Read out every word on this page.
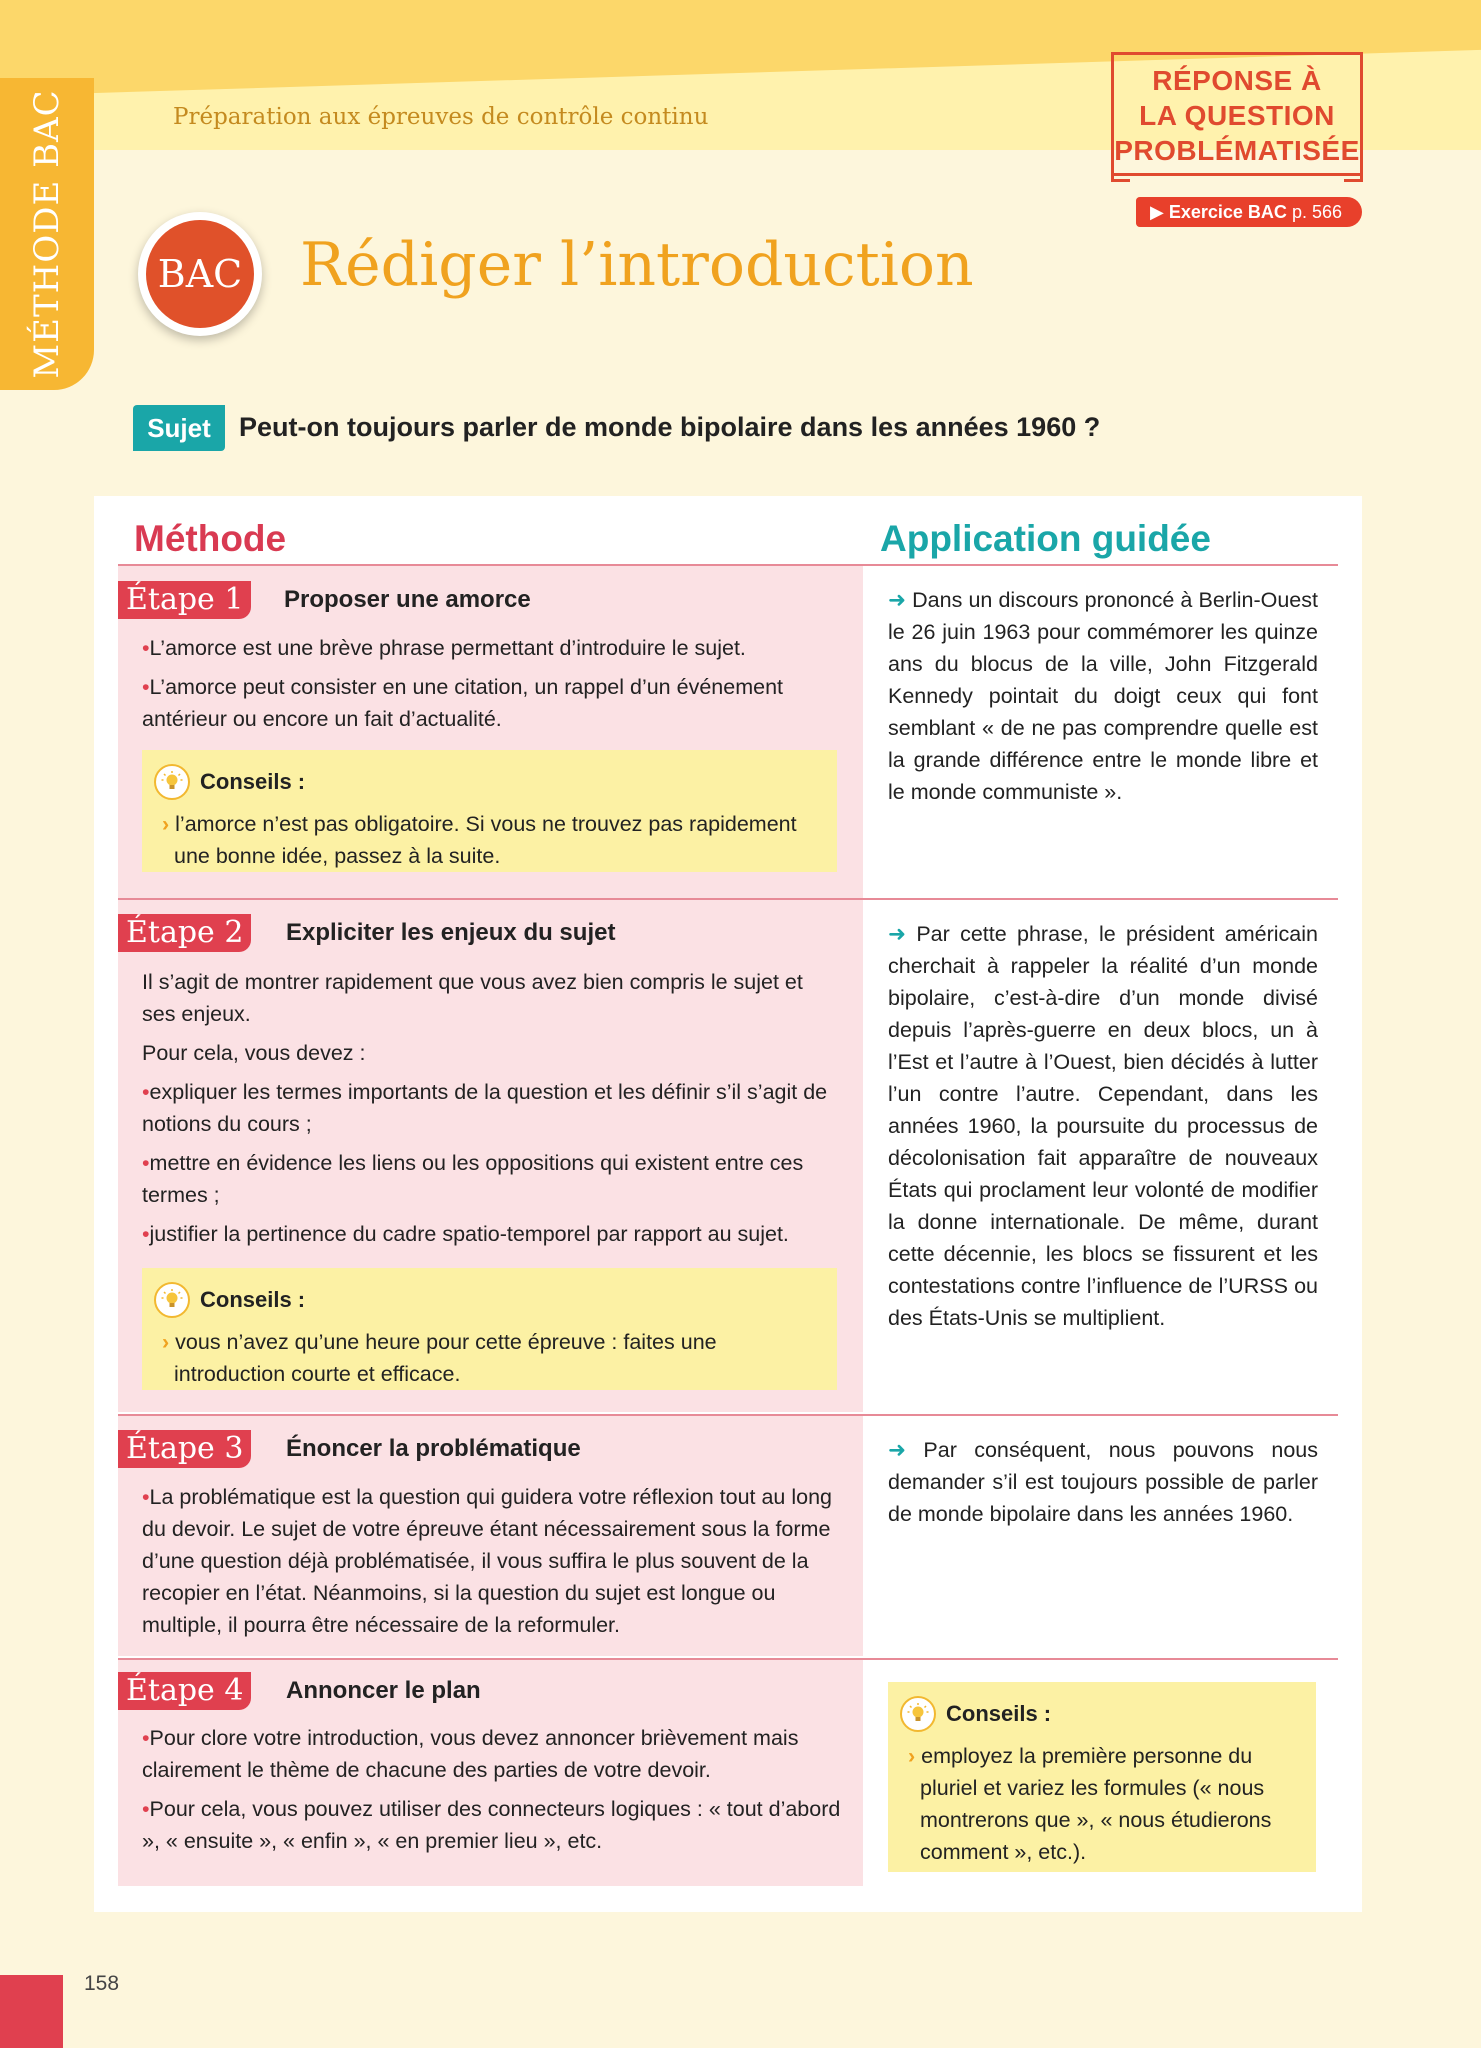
MÉTHODE BAC	Préparation aux épreuves de contrôle continu
RÉPONSE À
LA QUESTION
PROBLÉMATISÉE
▶ Exercice BAC p. 566
BAC Rédiger l’introduction
Sujet	Peut-on toujours parler de monde bipolaire dans les années 1960 ?
Méthode	Application guidée
Étape 1	Proposer une amorce

•L’amorce est une brève phrase permettant d’introduire le sujet.

•L’amorce peut consister en une citation, un rappel d’un événement antérieur ou encore un fait d’actualité.

Conseils :
› l’amorce n’est pas obligatoire. Si vous ne trouvez pas rapidement une bonne idée, passez à la suite.
➜ Dans un discours prononcé à Berlin-Ouest le 26 juin 1963 pour commémorer les quinze ans du blocus de la ville, John Fitzgerald Kennedy pointait du doigt ceux qui font semblant « de ne pas comprendre quelle est la grande différence entre le monde libre et le monde communiste ».
Étape 2	Expliciter les enjeux du sujet

Il s’agit de montrer rapidement que vous avez bien compris le sujet et ses enjeux.

Pour cela, vous devez :

•expliquer les termes importants de la question et les définir s’il s’agit de notions du cours ;

•mettre en évidence les liens ou les oppositions qui existent entre ces termes ;

•justifier la pertinence du cadre spatio-temporel par rapport au sujet.

Conseils :
› vous n’avez qu’une heure pour cette épreuve : faites une introduction courte et efficace.
➜ Par cette phrase, le président américain cherchait à rappeler la réalité d’un monde bipolaire, c’est-à-dire d’un monde divisé depuis l’après-guerre en deux blocs, un à l’Est et l’autre à l’Ouest, bien décidés à lutter l’un contre l’autre. Cependant, dans les années 1960, la poursuite du processus de décolonisation fait apparaître de nouveaux États qui proclament leur volonté de modifier la donne internationale. De même, durant cette décennie, les blocs se fissurent et les contestations contre l’influence de l’URSS ou des États-Unis se multiplient.
Étape 3	Énoncer la problématique

•La problématique est la question qui guidera votre réflexion tout au long du devoir. Le sujet de votre épreuve étant nécessairement sous la forme d’une question déjà problématisée, il vous suffira le plus souvent de la recopier en l’état. Néanmoins, si la question du sujet est longue ou multiple, il pourra être nécessaire de la reformuler.

➜ Par conséquent, nous pouvons nous demander s’il est toujours possible de parler de monde bipolaire dans les années 1960.
Étape 4	Annoncer le plan

•Pour clore votre introduction, vous devez annoncer brièvement mais clairement le thème de chacune des parties de votre devoir.

•Pour cela, vous pouvez utiliser des connecteurs logiques : « tout d’abord », « ensuite », « enfin », « en premier lieu », etc.

Conseils :
› employez la première personne du pluriel et variez les formules (« nous montrerons que », « nous étudierons comment », etc.).
158
